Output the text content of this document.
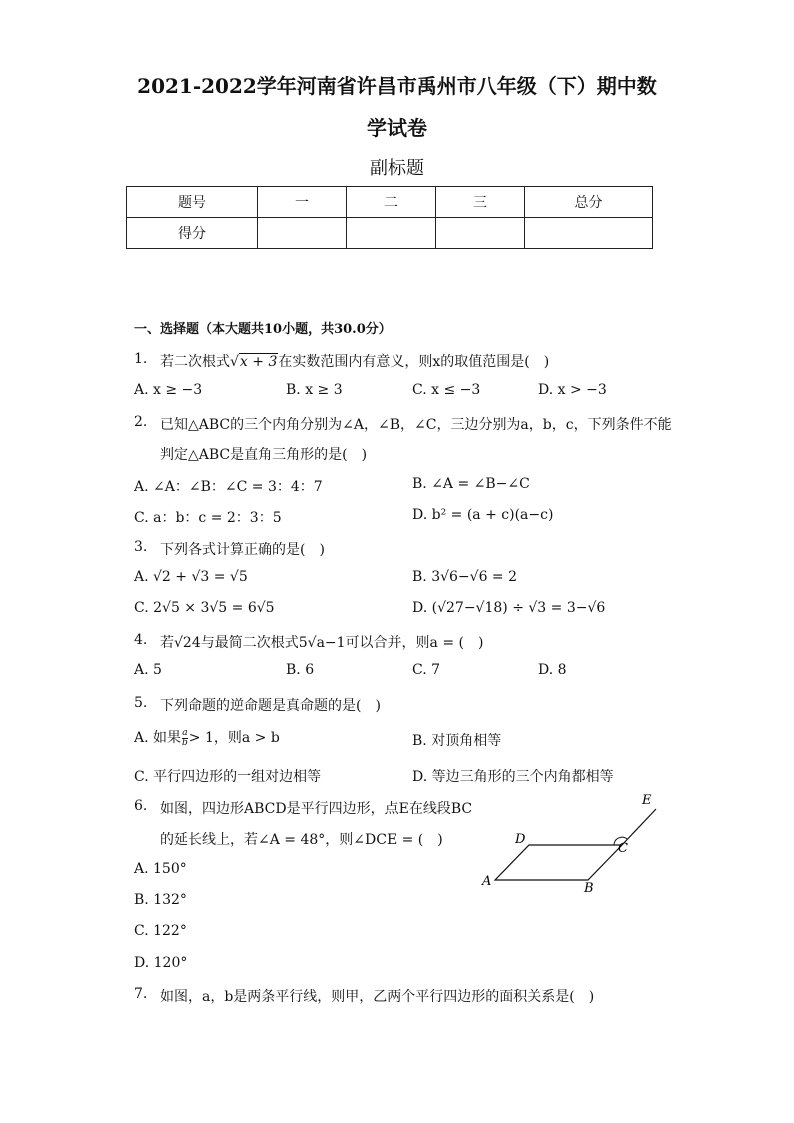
2021-2022学年河南省许昌市禹州市八年级（下）期中数
学试卷
副标题
题号	一	二	三	总分
得分				
一、选择题（本大题共10小题，共30.0分）
1. 若二次根式√x + 3在实数范围内有意义，则x的取值范围是(　)
A. x ≥ −3	B. x ≥ 3	C. x ≤ −3	D. x > −3
2. 已知△ABC的三个内角分别为∠A，∠B，∠C，三边分别为a，b，c，下列条件不能
判定△ABC是直角三角形的是(　)
A. ∠A：∠B：∠C = 3：4：7	B. ∠A = ∠B−∠C
C. a：b：c = 2：3：5	D. b² = (a + c)(a−c)
3. 下列各式计算正确的是(　)
A. √2 + √3 = √5	B. 3√6−√6 = 2
C. 2√5 × 3√5 = 6√5	D. (√27−√18) ÷ √3 = 3−√6
4. 若√24与最简二次根式5√a−1可以合并，则a = (　)
A. 5	B. 6	C. 7	D. 8
5. 下列命题的逆命题是真命题的是(　)
A. 如果 $\frac{a}{b} > 1$，则a > b	B. 对顶角相等
C. 平行四边形的一组对边相等	D. 等边三角形的三个内角都相等
6. 如图，四边形ABCD是平行四边形，点E在线段BC
的延长线上，若∠A = 48°，则∠DCE = (　)
A. 150°
B. 132°
C. 122°
D. 120°
A	B
C
D
E
7. 如图，a，b是两条平行线，则甲，乙两个平行四边形的面积关系是(　)
